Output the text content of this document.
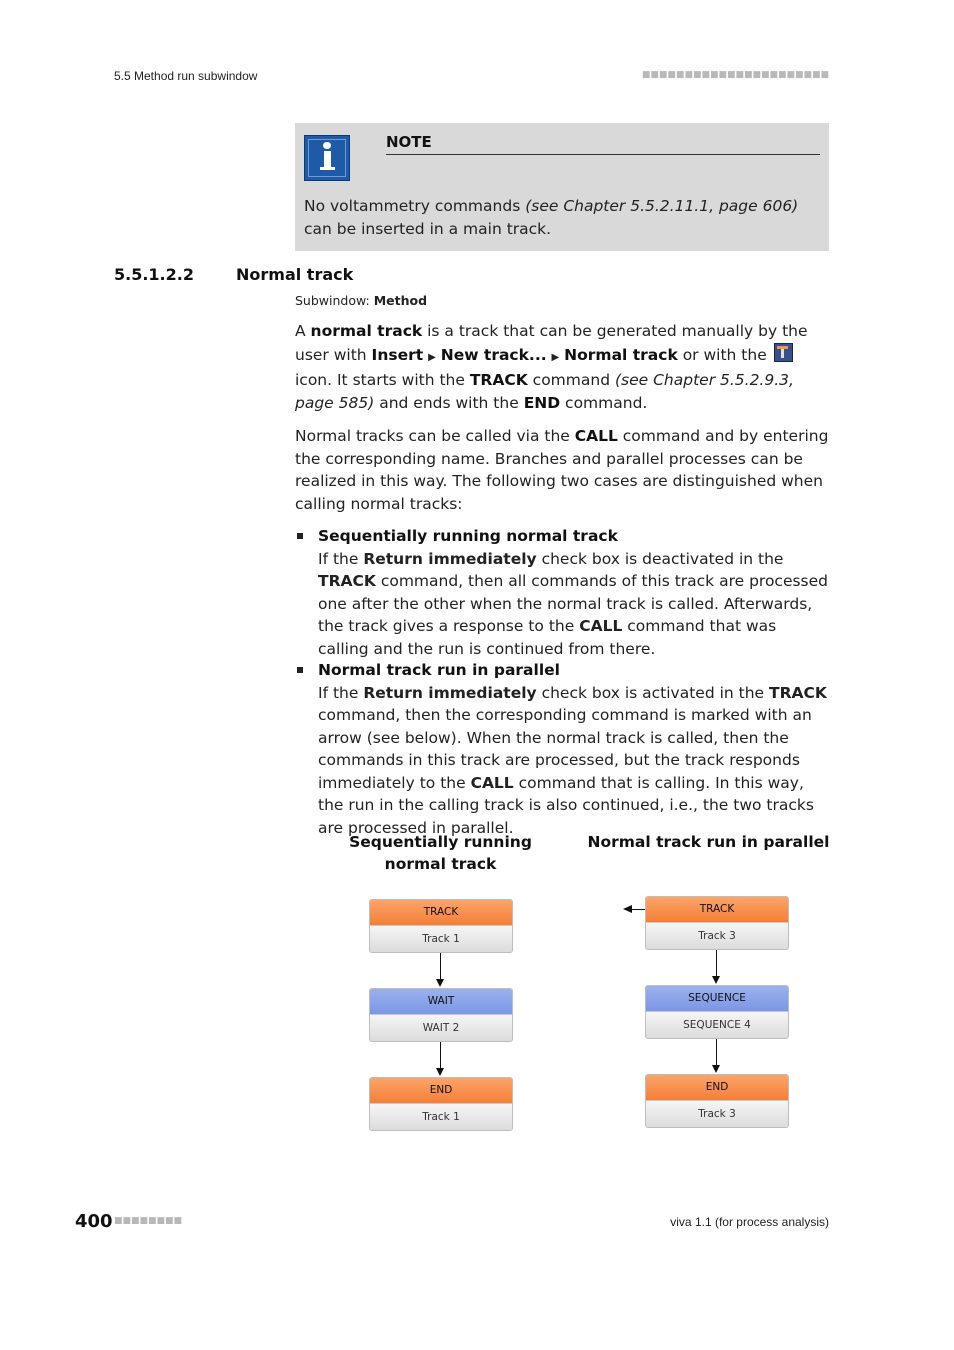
5.5 Method run subwindow	■■■■■■■■■■■■■■■■■■■■■■
NOTE
No voltammetry commands (see Chapter 5.5.2.11.1, page 606) can be inserted in a main track.
5.5.1.2.2	Normal track
Subwindow: Method
A normal track is a track that can be generated manually by the user with Insert ▶ New track... ▶ Normal track or with the  icon. It starts with the TRACK command (see Chapter 5.5.2.9.3, page 585) and ends with the END command.
Normal tracks can be called via the CALL command and by entering the corresponding name. Branches and parallel processes can be realized in this way. The following two cases are distinguished when calling normal tracks:
Sequentially running normal track
If the Return immediately check box is deactivated in the TRACK command, then all commands of this track are processed one after the other when the normal track is called. Afterwards, the track gives a response to the CALL command that was calling and the run is continued from there.
Normal track run in parallel
If the Return immediately check box is activated in the TRACK command, then the corresponding command is marked with an arrow (see below). When the normal track is called, then the commands in this track are processed, but the track responds immediately to the CALL command that is calling. In this way, the run in the calling track is also continued, i.e., the two tracks are processed in parallel.
Sequentially running normal track
Normal track run in parallel
TRACK
Track 1
WAIT
WAIT 2
END
Track 1
TRACK
Track 3
SEQUENCE
SEQUENCE 4
END
Track 3
400 ■■■■■■■■	viva 1.1 (for process analysis)
